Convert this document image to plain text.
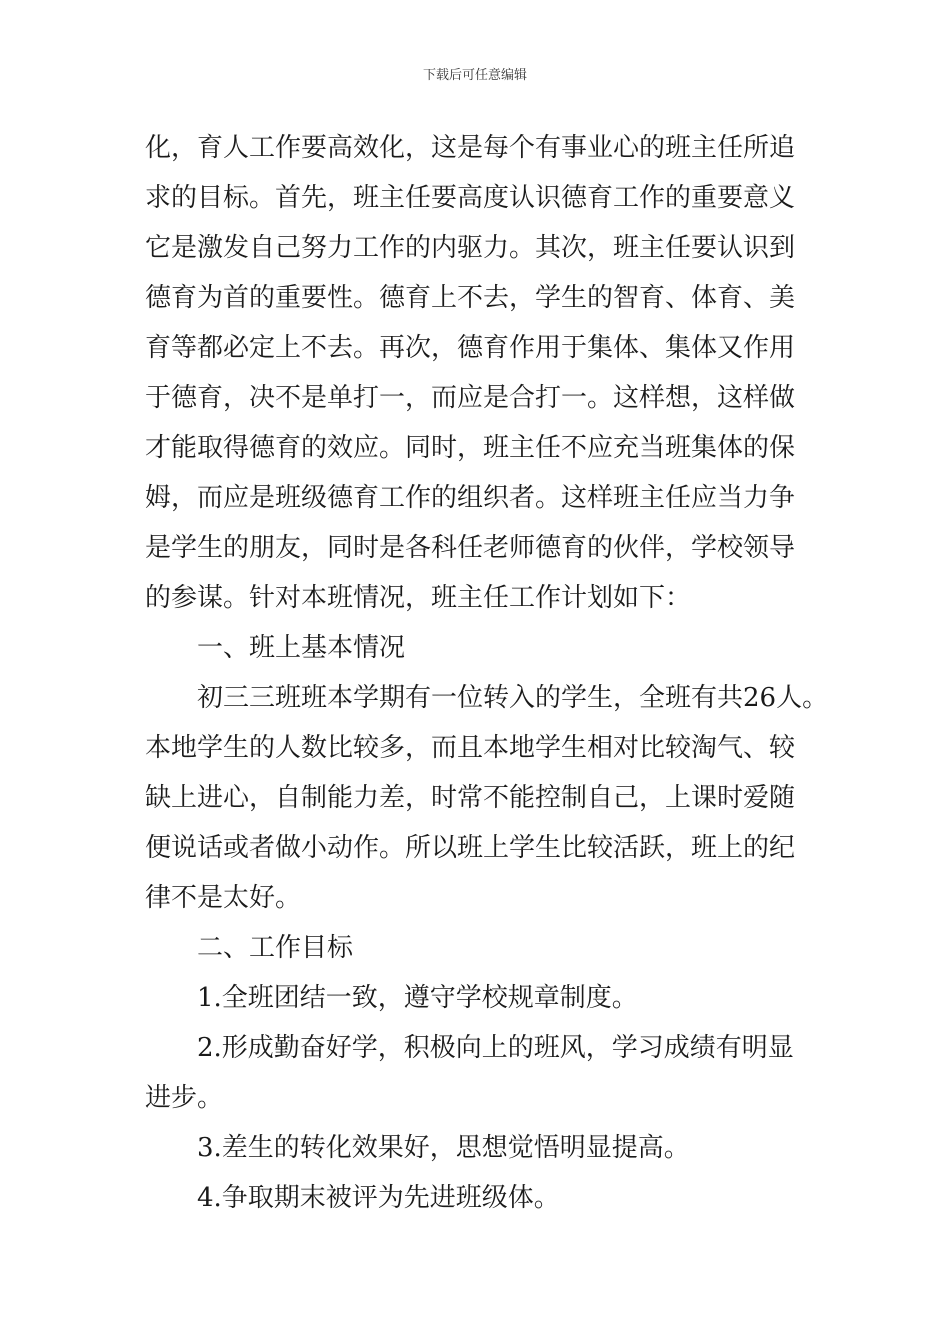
下载后可任意编辑
化，育人工作要高效化，这是每个有事业心的班主任所追
求的目标。首先，班主任要高度认识德育工作的重要意义
它是激发自己努力工作的内驱力。其次，班主任要认识到
德育为首的重要性。德育上不去，学生的智育、体育、美
育等都必定上不去。再次，德育作用于集体、集体又作用
于德育，决不是单打一，而应是合打一。这样想，这样做
才能取得德育的效应。同时，班主任不应充当班集体的保
姆，而应是班级德育工作的组织者。这样班主任应当力争
是学生的朋友，同时是各科任老师德育的伙伴，学校领导
的参谋。针对本班情况，班主任工作计划如下：
一、班上基本情况
初三三班班本学期有一位转入的学生，全班有共26人。
本地学生的人数比较多，而且本地学生相对比较淘气、较
缺上进心，自制能力差，时常不能控制自己，上课时爱随
便说话或者做小动作。所以班上学生比较活跃，班上的纪
律不是太好。
二、工作目标
1.全班团结一致，遵守学校规章制度。
2.形成勤奋好学，积极向上的班风，学习成绩有明显
进步。
3.差生的转化效果好，思想觉悟明显提高。
4.争取期末被评为先进班级体。
